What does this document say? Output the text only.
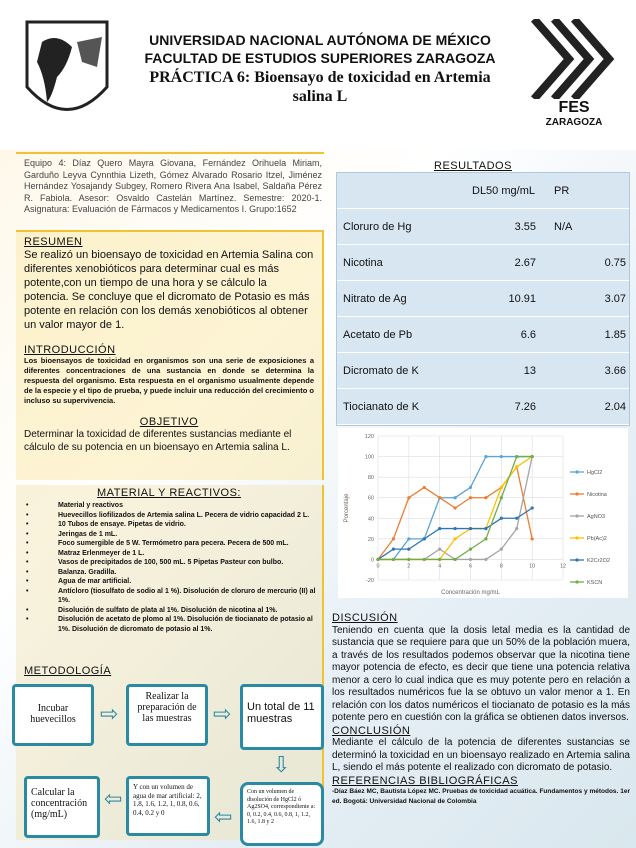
UNIVERSIDAD NACIONAL AUTÓNOMA DE MÉXICO
FACULTAD DE ESTUDIOS SUPERIORES ZARAGOZA
PRÁCTICA 6: Bioensayo de toxicidad en Artemia salina L
FES
ZARAGOZA
Equipo 4: Díaz Quero Mayra Giovana, Fernández Orihuela Miriam, Garduño Leyva Cynnthia Lizeth, Gómez Alvarado Rosario Itzel, Jiménez Hernández Yosajandy Subgey, Romero Rivera Ana Isabel, Saldaña Pérez R. Fabiola. Asesor: Osvaldo Castelán Martínez. Semestre: 2020-1. Asignatura: Evaluación de Fármacos y Medicamentos I. Grupo:1652
RESUMEN

Se realizó un bioensayo de toxicidad en Artemia Salina con diferentes xenobióticos para determinar cual es más potente,con un tiempo de una hora y se cálculo la potencia. Se concluye que el dicromato de Potasio es más potente en relación con los demás xenobióticos al obtener un valor mayor de 1.

INTRODUCCIÓN

Los bioensayos de toxicidad en organismos son una serie de exposiciones a diferentes concentraciones de una sustancia en donde se determina la respuesta del organismo. Esta respuesta en el organismo usualmente depende de la especie y el tipo de prueba, y puede incluir una reducción del crecimiento o incluso su supervivencia.

OBJETIVO

Determinar la toxicidad de diferentes sustancias mediante el cálculo de su potencia en un bioensayo en Artemia salina L.

MATERIAL Y REACTIVOS:
• Material y reactivos
• Huevecillos liofilizados de Artemia salina L. Pecera de vidrio capacidad 2 L.
• 10 Tubos de ensaye. Pipetas de vidrio.
• Jeringas de 1 mL.
• Foco sumergible de 5 W. Termómetro para pecera. Pecera de 500 mL.
• Matraz Erlenmeyer de 1 L.
• Vasos de precipitados de 100, 500 mL. 5 Pipetas Pasteur con bulbo.
• Balanza. Gradilla.
• Agua de mar artificial.
• Antícloro (tiosulfato de sodio al 1 %). Disolución de cloruro de mercurio (II) al 1%.
• Disolución de sulfato de plata al 1%. Disolución de nicotina al 1%.
• Disolución de acetato de plomo al 1%. Disolución de tiocianato de potasio al 1%. Disolución de dicromato de potasio al 1%.
METODOLOGÍA
Incubar huevecillos	⇨
Realizar la preparación de las muestras ⇨	Un total de 11 muestras
⇩
Con un volumen de disolución de HgCl2 ó Ag2SO4, correspondiente a: 0, 0.2, 0.4, 0.6, 0.8, 1, 1.2, 1.6, 1.8 y 2
⇦
Y con un volumen de agua de mar artificial: 2, 1.8, 1.6, 1.2, 1, 0.8, 0.6, 0.4, 0.2 y 0
⇦
Calcular la concentración (mg/mL)
RESULTADOS
DL50 mg/mL	PR
Cloruro de Hg	3.55	N/A
Nicotina	2.67	0.75
Nitrato de Ag	10.91	3.07
Acetato de Pb	6.6	1.85
Dicromato de K	13	3.66
Tiocianato de K	7.26	2.04
-20
0
20
40
60
80
100
120
0	2	4	6	8	10	12
Concentración mg/mL
Porcentaje
HgCl2
Nicotina
AgNO3
Pb(Ac)2
K2Cr2O2
KSCN
DISCUSIÓN

Teniendo en cuenta que la dosis letal media es la cantidad de sustancia que se requiere para que un 50% de la población muera, a través de los resultados podemos observar que la nicotina tiene mayor potencia de efecto, es decir que tiene una potencia relativa menor a cero lo cual indica que es muy potente pero en relación a los resultados numéricos fue la se obtuvo un valor menor a 1. En relación con los datos numéricos el tiocianato de potasio es la más potente pero en cuestión con la gráfica se obtienen datos inversos.

CONCLUSIÓN

Mediante el cálculo de la potencia de diferentes sustancias se determinó la toxicidad en un bioensayo realizado en Artemia salina L, siendo el más potente el realizado con dicromato de potasio.

REFERENCIAS BIBLIOGRÁFICAS

-Díaz Báez MC, Bautista López MC. Pruebas de toxicidad acuática. Fundamentos y métodos. 1er ed. Bogotá: Universidad Nacional de Colombia
